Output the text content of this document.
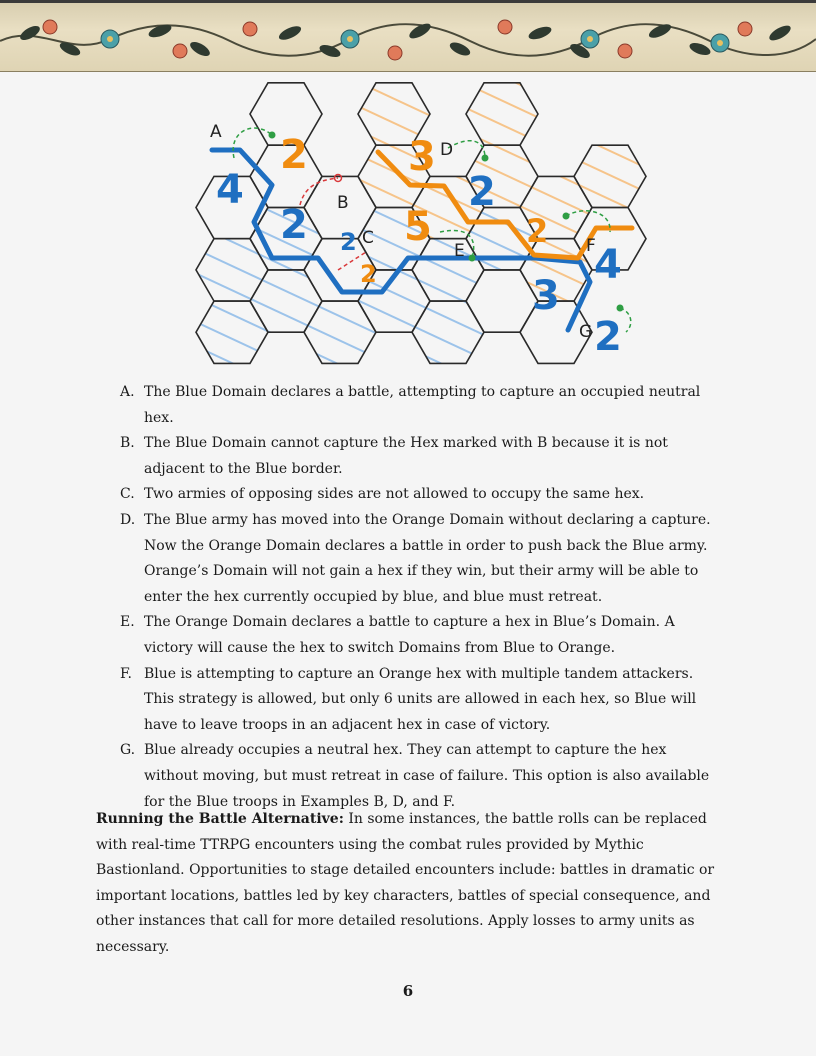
A
B
C
D
E	F
G
2
4
2
3
2
5
2
2
2
4
3
2
A. The Blue Domain declares a battle, attempting to capture an occupied neutral hex.
B. The Blue Domain cannot capture the Hex marked with B because it is not adjacent to the Blue border.
C. Two armies of opposing sides are not allowed to occupy the same hex.
D. The Blue army has moved into the Orange Domain without declaring a capture. Now the Orange Domain declares a battle in order to push back the Blue army. Orange’s Domain will not gain a hex if they win, but their army will be able to enter the hex currently occupied by blue, and blue must retreat.
E. The Orange Domain declares a battle to capture a hex in Blue’s Domain. A victory will cause the hex to switch Domains from Blue to Orange.
F. Blue is attempting to capture an Orange hex with multiple tandem attackers. This strategy is allowed, but only 6 units are allowed in each hex, so Blue will have to leave troops in an adjacent hex in case of victory.
G. Blue already occupies a neutral hex. They can attempt to capture the hex without moving, but must retreat in case of failure. This option is also available for the Blue troops in Examples B, D, and F.

Running the Battle Alternative: In some instances, the battle rolls can be replaced with real-time TTRPG encounters using the combat rules provided by Mythic Bastionland. Opportunities to stage detailed encounters include: battles in dramatic or important locations, battles led by key characters, battles of special consequence, and other instances that call for more detailed resolutions. Apply losses to army units as necessary.

6
